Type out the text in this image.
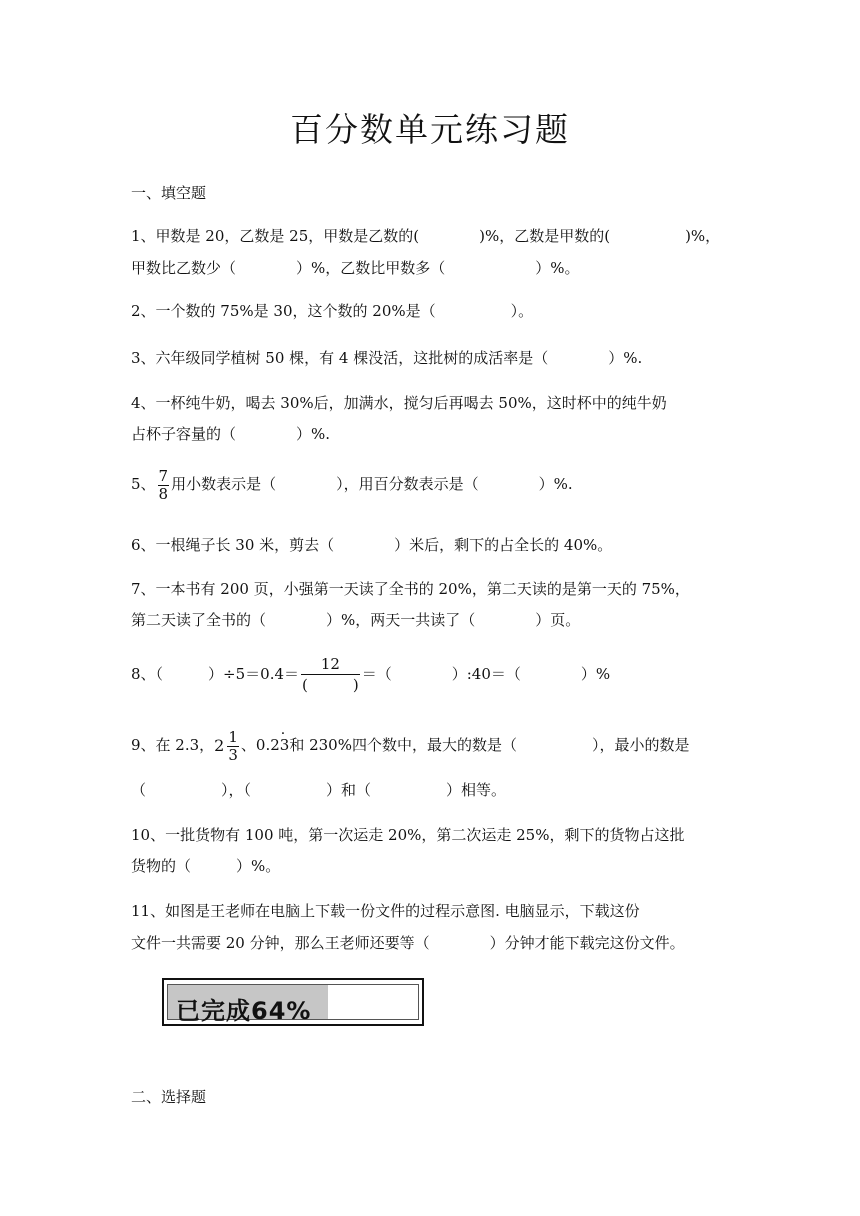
百分数单元练习题
一、填空题
1、甲数是 20，乙数是 25，甲数是乙数的(　　　　)%，乙数是甲数的(　　　　　)%，
甲数比乙数少（　　　　）%，乙数比甲数多（　　　　　　）%。
2、一个数的 75%是 30，这个数的 20%是（　　　　　）。
3、六年级同学植树 50 棵，有 4 棵没活，这批树的成活率是（　　　　）%.
4、一杯纯牛奶，喝去 30%后，加满水，搅匀后再喝去 50%，这时杯中的纯牛奶
占杯子容量的（　　　　）%.
5、 $\frac{7}{8}$ 用小数表示是（　　　　），用百分数表示是（　　　　）%.
6、一根绳子长 30 米，剪去（　　　　）米后，剩下的占全长的 40%。
7、一本书有 200 页，小强第一天读了全书的 20%，第二天读的是第一天的 75%，
第二天读了全书的（　　　　）%，两天一共读了（　　　　）页。
8、（　　　）$\div 5=0.4= \frac{12}{( )}$ ＝（　　　　）:40＝（　　　　）%
9、在 2.3， $2 \frac{1}{3}$ 、0.23 ·和 230%四个数中，最大的数是（　　　　　），最小的数是
（　　　　　），（　　　　　）和（　　　　　）相等。
10、一批货物有 100 吨，第一次运走 20%，第二次运走 25%，剩下的货物占这批
货物的（　　　）%。
11、如图是王老师在电脑上下载一份文件的过程示意图. 电脑显示，下载这份
文件一共需要 20 分钟，那么王老师还要等（　　　　）分钟才能下载完这份文件。
已完成64%
二、选择题
